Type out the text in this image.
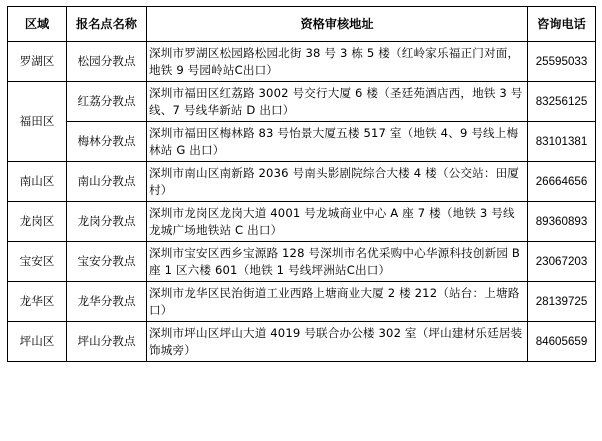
区域	报名点名称	资格审核地址	咨询电话
罗湖区	松园分教点	深圳市罗湖区松园路松园北街 38 号 3 栋 5 楼（红岭家乐福正门对面，地铁 9 号园岭站C出口）	25595033
福田区	红荔分教点	深圳市福田区红荔路 3002 号交行大厦 6 楼（圣廷苑酒店西，地铁 3 号线、7 号线华新站 D 出口）	83256125
	梅林分教点	深圳市福田区梅林路 83 号怡景大厦五楼 517 室（地铁 4、9 号线上梅林站 G 出口）	83101381
南山区	南山分教点	深圳市南山区南新路 2036 号南头影剧院综合大楼 4 楼（公交站：田厦村）	26664656
龙岗区	龙岗分教点	深圳市龙岗区龙岗大道 4001 号龙城商业中心 A 座 7 楼（地铁 3 号线龙城广场地铁站 C 出口）	89360893
宝安区	宝安分教点	深圳市宝安区西乡宝源路 128 号深圳市名优采购中心华源科技创新园 B 座 1 区六楼 601（地铁 1 号线坪洲站C出口）	23067203
龙华区	龙华分教点	深圳市龙华区民治街道工业西路上塘商业大厦 2 楼 212（站台：上塘路口）	28139725
坪山区	坪山分教点	深圳市坪山区坪山大道 4019 号联合办公楼 302 室（坪山建材乐廷居装饰城旁）	84605659
